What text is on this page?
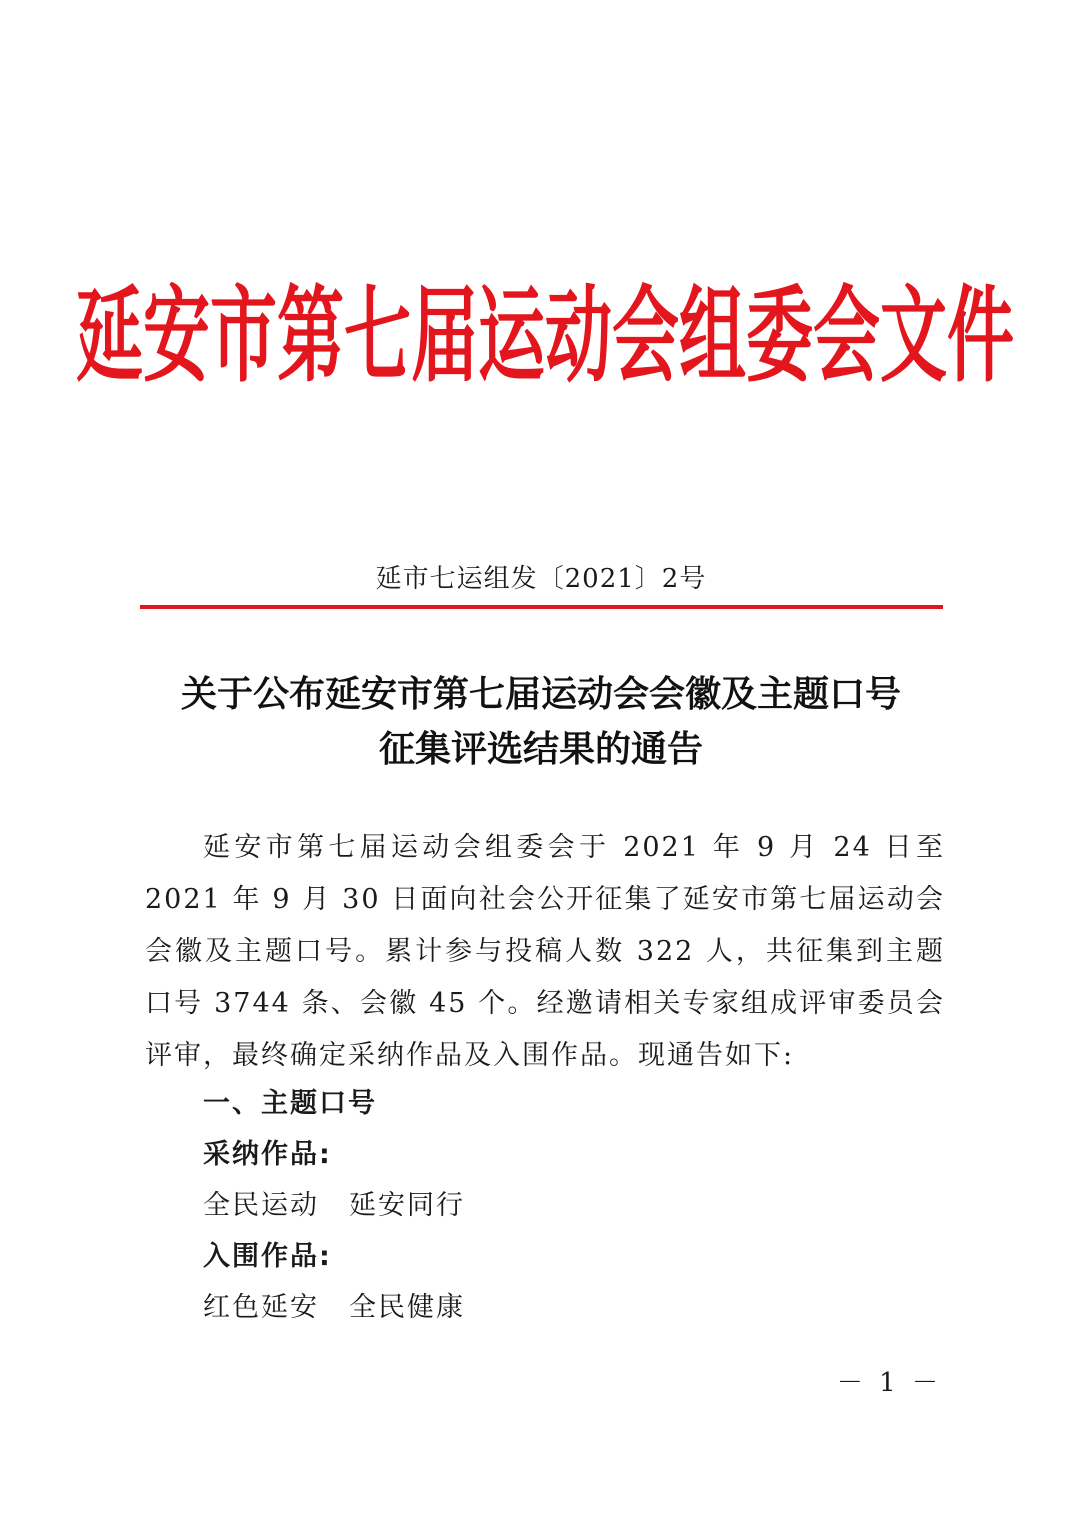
延安市第七届运动会组委会文件
延市七运组发〔2021〕2号
关于公布延安市第七届运动会会徽及主题口号
征集评选结果的通告

延安市第七届运动会组委会于 2021 年 9 月 24 日至 2021 年 9 月 30 日面向社会公开征集了延安市第七届运动会会徽及主题口号。累计参与投稿人数 322 人，共征集到主题口号 3744 条、会徽 45 个。经邀请相关专家组成评审委员会评审，最终确定采纳作品及入围作品。现通告如下:

一、主题口号
采纳作品:
全民运动 延安同行
入围作品:
红色延安 全民健康
－ 1 －
